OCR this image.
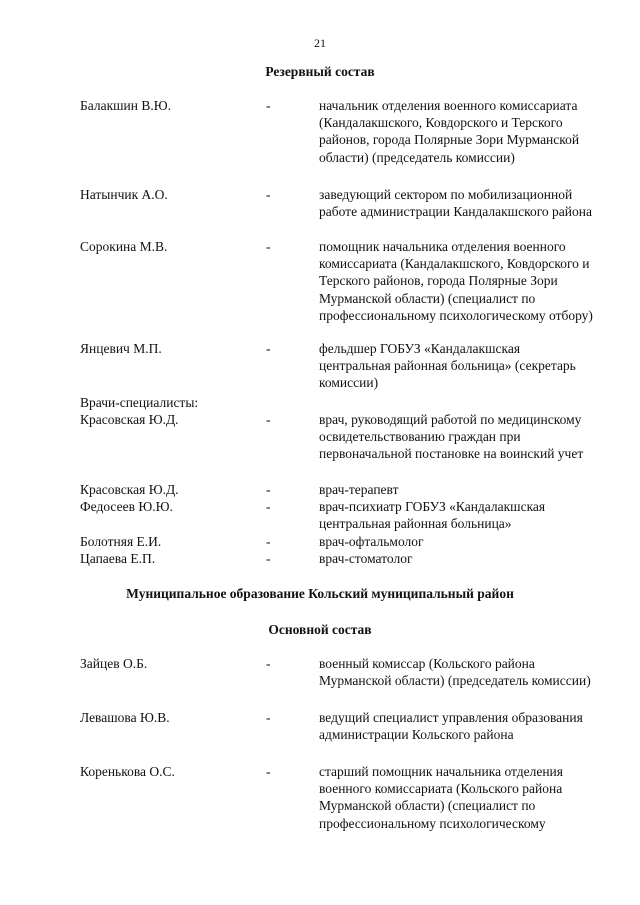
21
Резервный состав
Балакшин В.Ю.	-	начальник отделения военного комиссариата (Кандалакшского, Ковдорского и Терского районов, города Полярные Зори Мурманской области) (председатель комиссии)
Натынчик А.О.	-	заведующий сектором по мобилизационной работе администрации Кандалакшского района
Сорокина М.В.	-	помощник начальника отделения военного комиссариата (Кандалакшского, Ковдорского и Терского районов, города Полярные Зори Мурманской области) (специалист по профессиональному психологическому отбору)
Янцевич М.П.	-	фельдшер ГОБУЗ «Кандалакшская центральная районная больница» (секретарь комиссии)
Врачи-специалисты:
Красовская Ю.Д.	-	врач, руководящий работой по медицинскому освидетельствованию граждан при первоначальной постановке на воинский учет
Красовская Ю.Д.	-	врач-терапевт
Федосеев Ю.Ю.	-	врач-психиатр ГОБУЗ «Кандалакшская центральная районная больница»
Болотняя Е.И.	-	врач-офтальмолог
Цапаева Е.П.	-	врач-стоматолог
Муниципальное образование Кольский муниципальный район
Основной состав
Зайцев О.Б.	-	военный комиссар (Кольского района Мурманской области) (председатель комиссии)
Левашова Ю.В.	-	ведущий специалист управления образования администрации Кольского района
Коренькова О.С.	-	старший помощник начальника отделения военного комиссариата (Кольского района Мурманской области) (специалист по профессиональному психологическому
